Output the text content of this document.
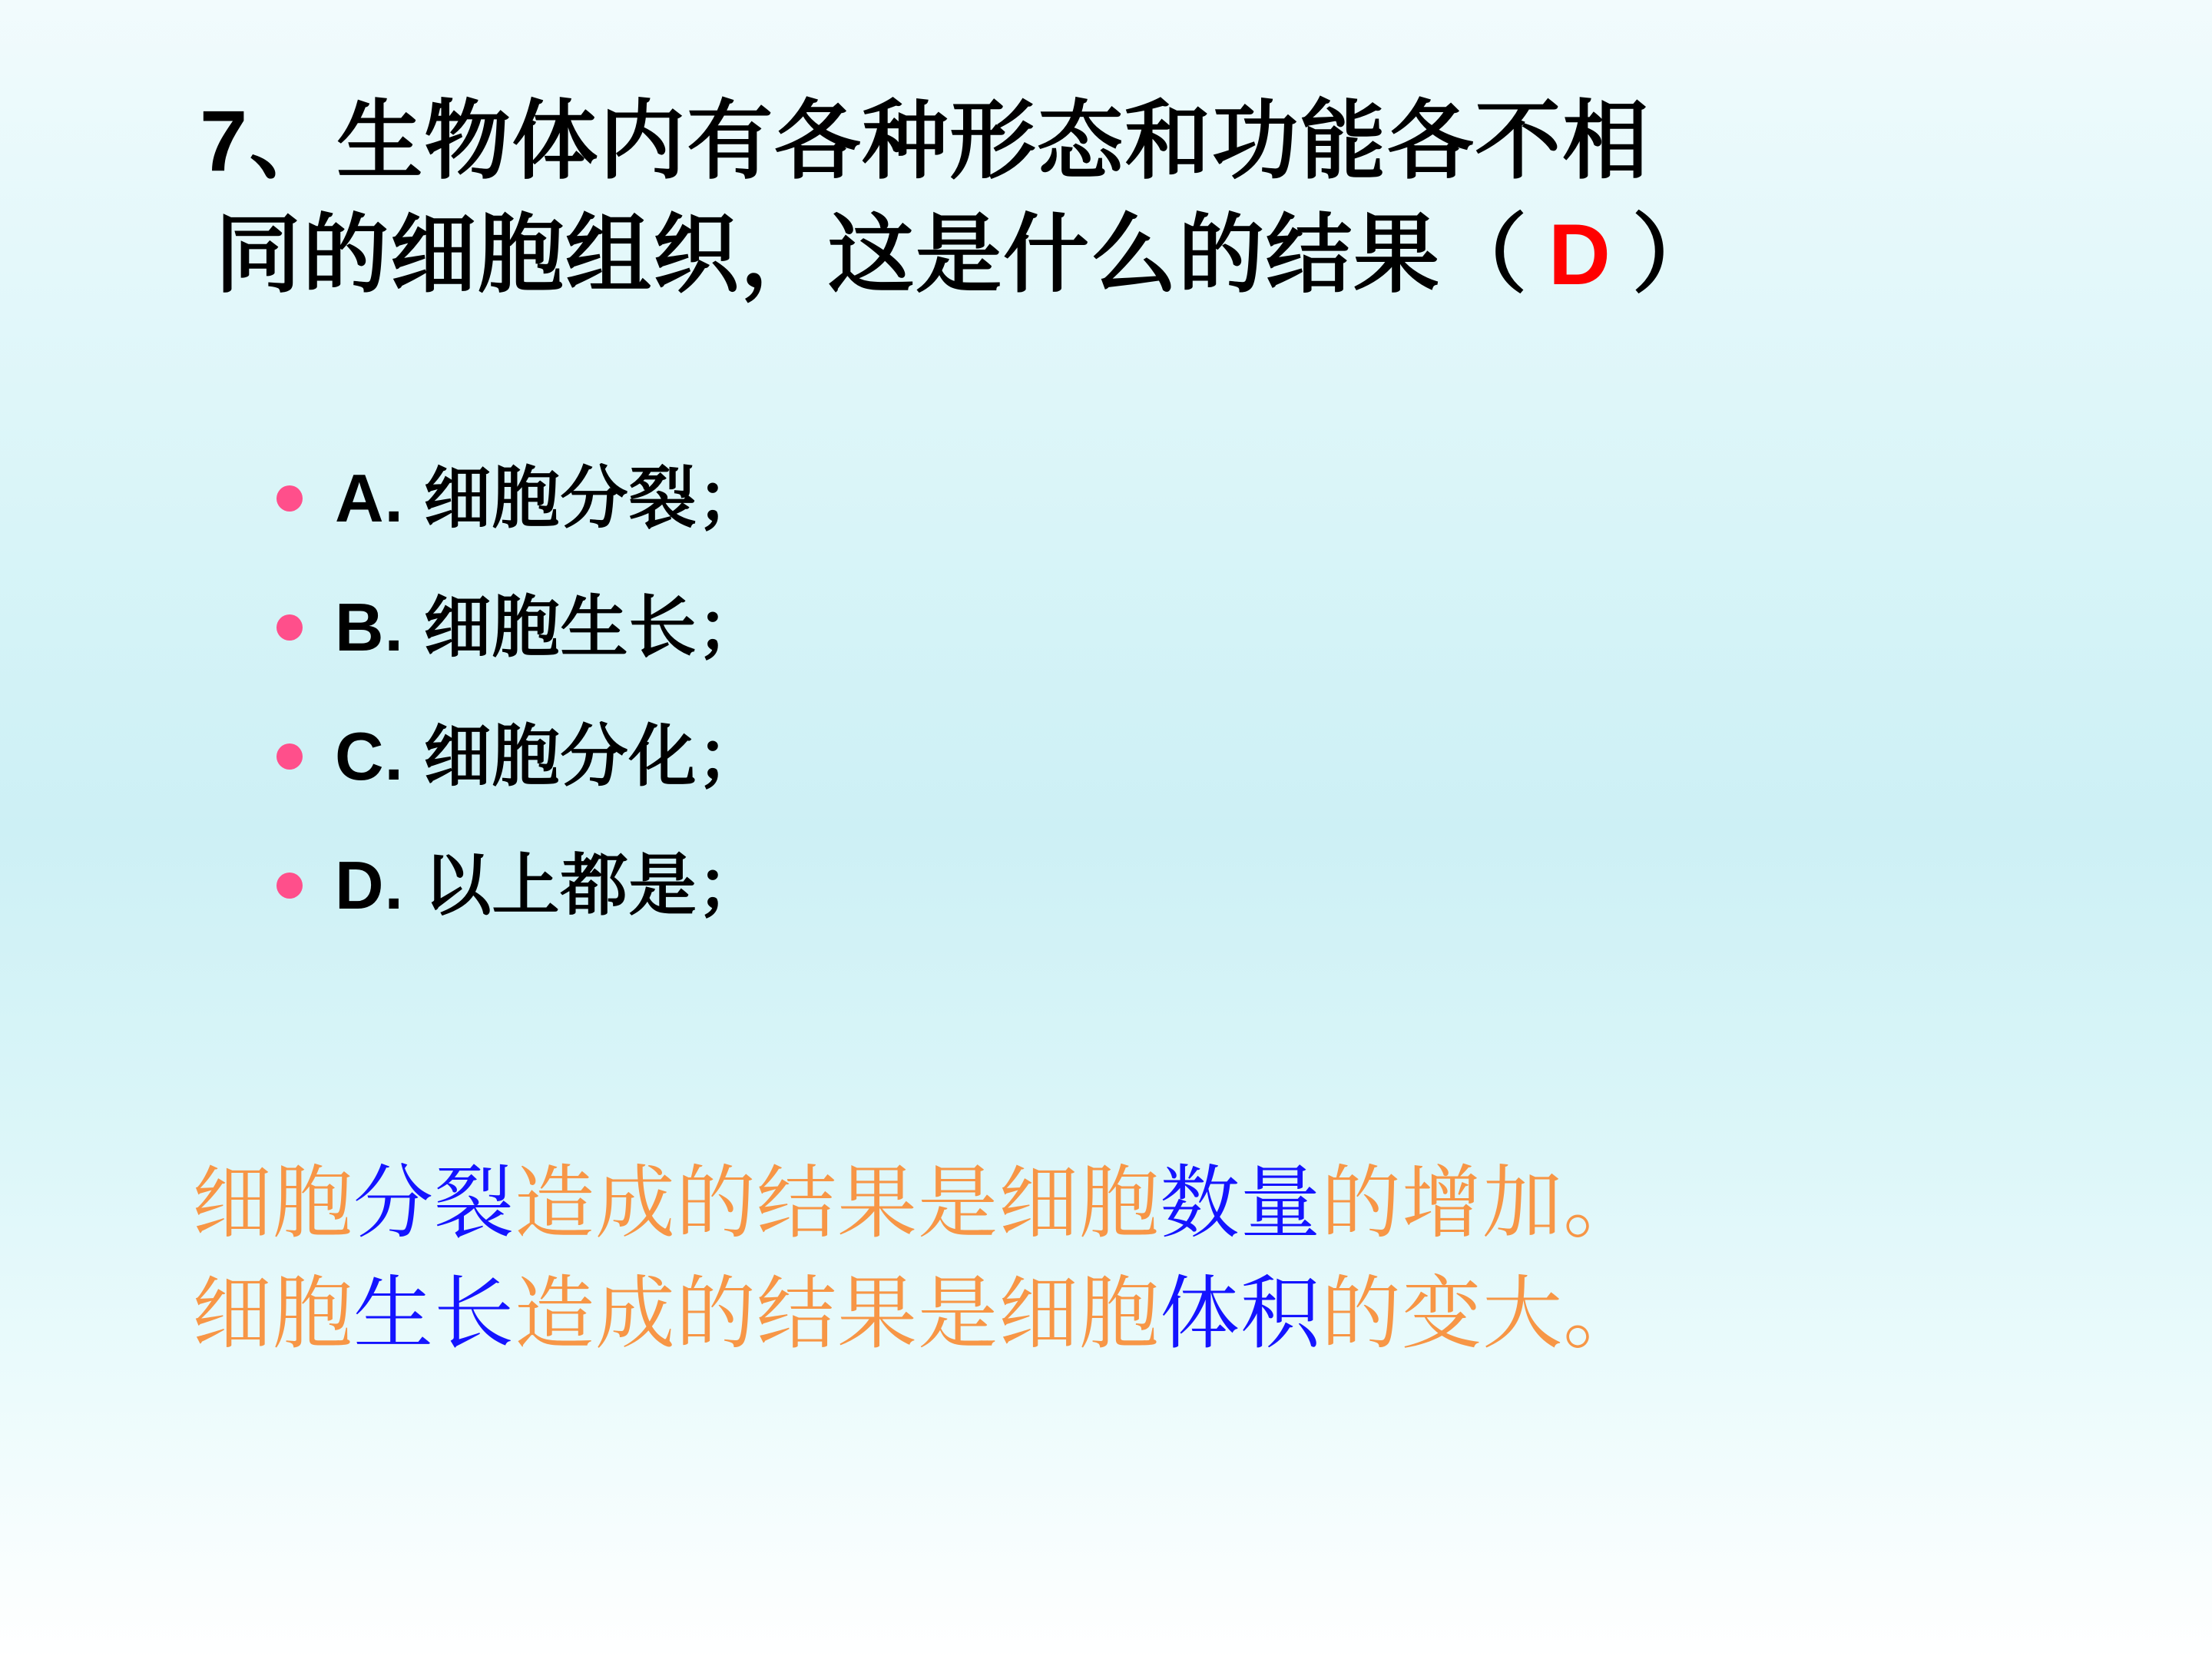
7、生物体内有各种形态和功能各不相
同的细胞组织，这是什么的结果（ D ）
A. 细胞分裂；
B. 细胞生长；
C. 细胞分化；
D. 以上都是；
细胞分裂造成的结果是细胞数量的增加。
细胞生长造成的结果是细胞体积的变大。
